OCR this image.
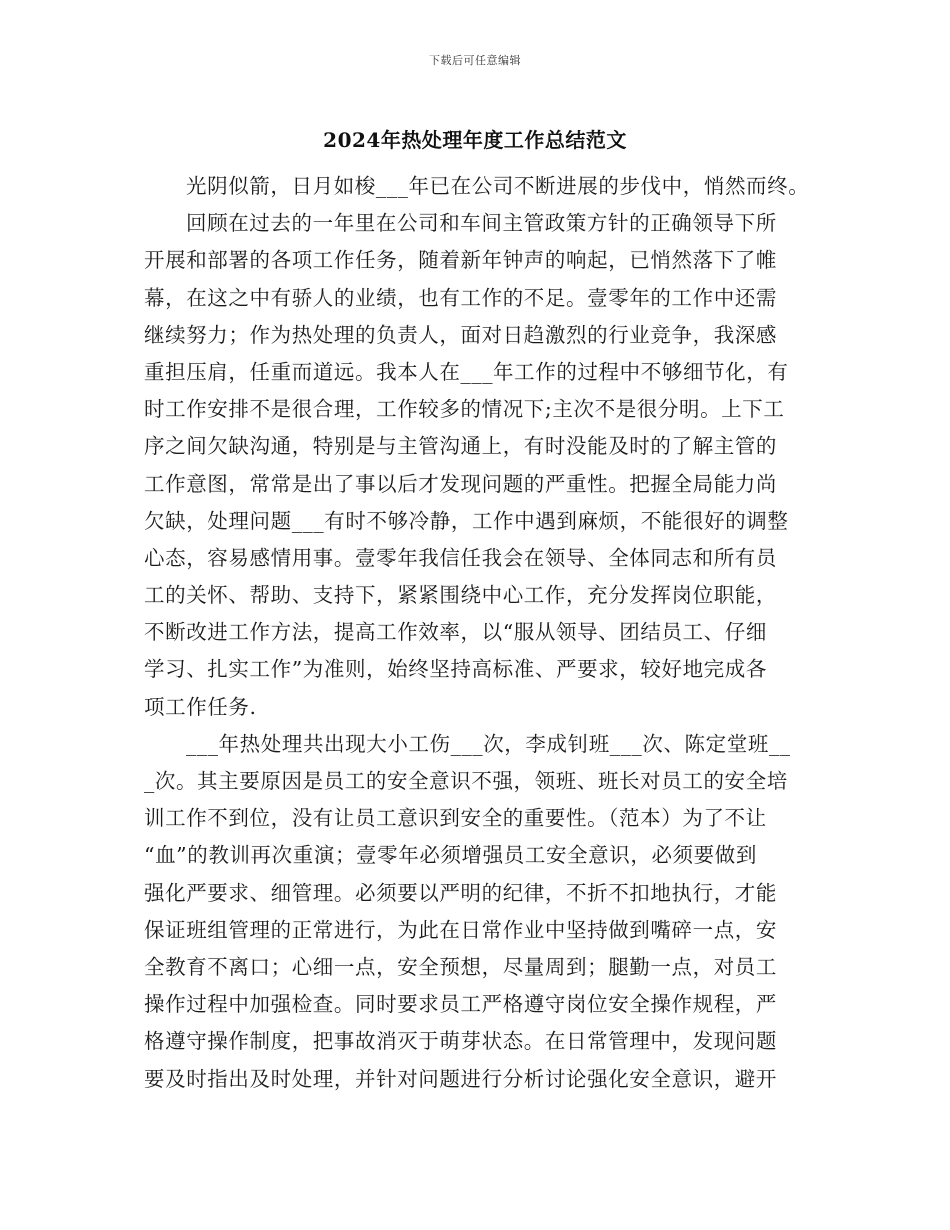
下载后可任意编辑
2024年热处理年度工作总结范文
光阴似箭，日月如梭___年已在公司不断进展的步伐中，悄然而终。
回顾在过去的一年里在公司和车间主管政策方针的正确领导下所
开展和部署的各项工作任务，随着新年钟声的响起，已悄然落下了帷
幕，在这之中有骄人的业绩，也有工作的不足。壹零年的工作中还需
继续努力；作为热处理的负责人，面对日趋激烈的行业竞争，我深感
重担压肩，任重而道远。我本人在___年工作的过程中不够细节化，有
时工作安排不是很合理，工作较多的情况下;主次不是很分明。上下工
序之间欠缺沟通，特别是与主管沟通上，有时没能及时的了解主管的
工作意图，常常是出了事以后才发现问题的严重性。把握全局能力尚
欠缺，处理问题___有时不够冷静，工作中遇到麻烦，不能很好的调整
心态，容易感情用事。壹零年我信任我会在领导、全体同志和所有员
工的关怀、帮助、支持下，紧紧围绕中心工作，充分发挥岗位职能，
不断改进工作方法，提高工作效率，以“服从领导、团结员工、仔细
学习、扎实工作”为准则，始终坚持高标准、严要求，较好地完成各
项工作任务.
___年热处理共出现大小工伤___次，李成钊班___次、陈定堂班__
_次。其主要原因是员工的安全意识不强，领班、班长对员工的安全培
训工作不到位，没有让员工意识到安全的重要性。（范本）为了不让
“血”的教训再次重演；壹零年必须增强员工安全意识，必须要做到
强化严要求、细管理。必须要以严明的纪律，不折不扣地执行，才能
保证班组管理的正常进行，为此在日常作业中坚持做到嘴碎一点，安
全教育不离口；心细一点，安全预想，尽量周到；腿勤一点，对员工
操作过程中加强检查。同时要求员工严格遵守岗位安全操作规程，严
格遵守操作制度，把事故消灭于萌芽状态。在日常管理中，发现问题
要及时指出及时处理，并针对问题进行分析讨论强化安全意识，避开
